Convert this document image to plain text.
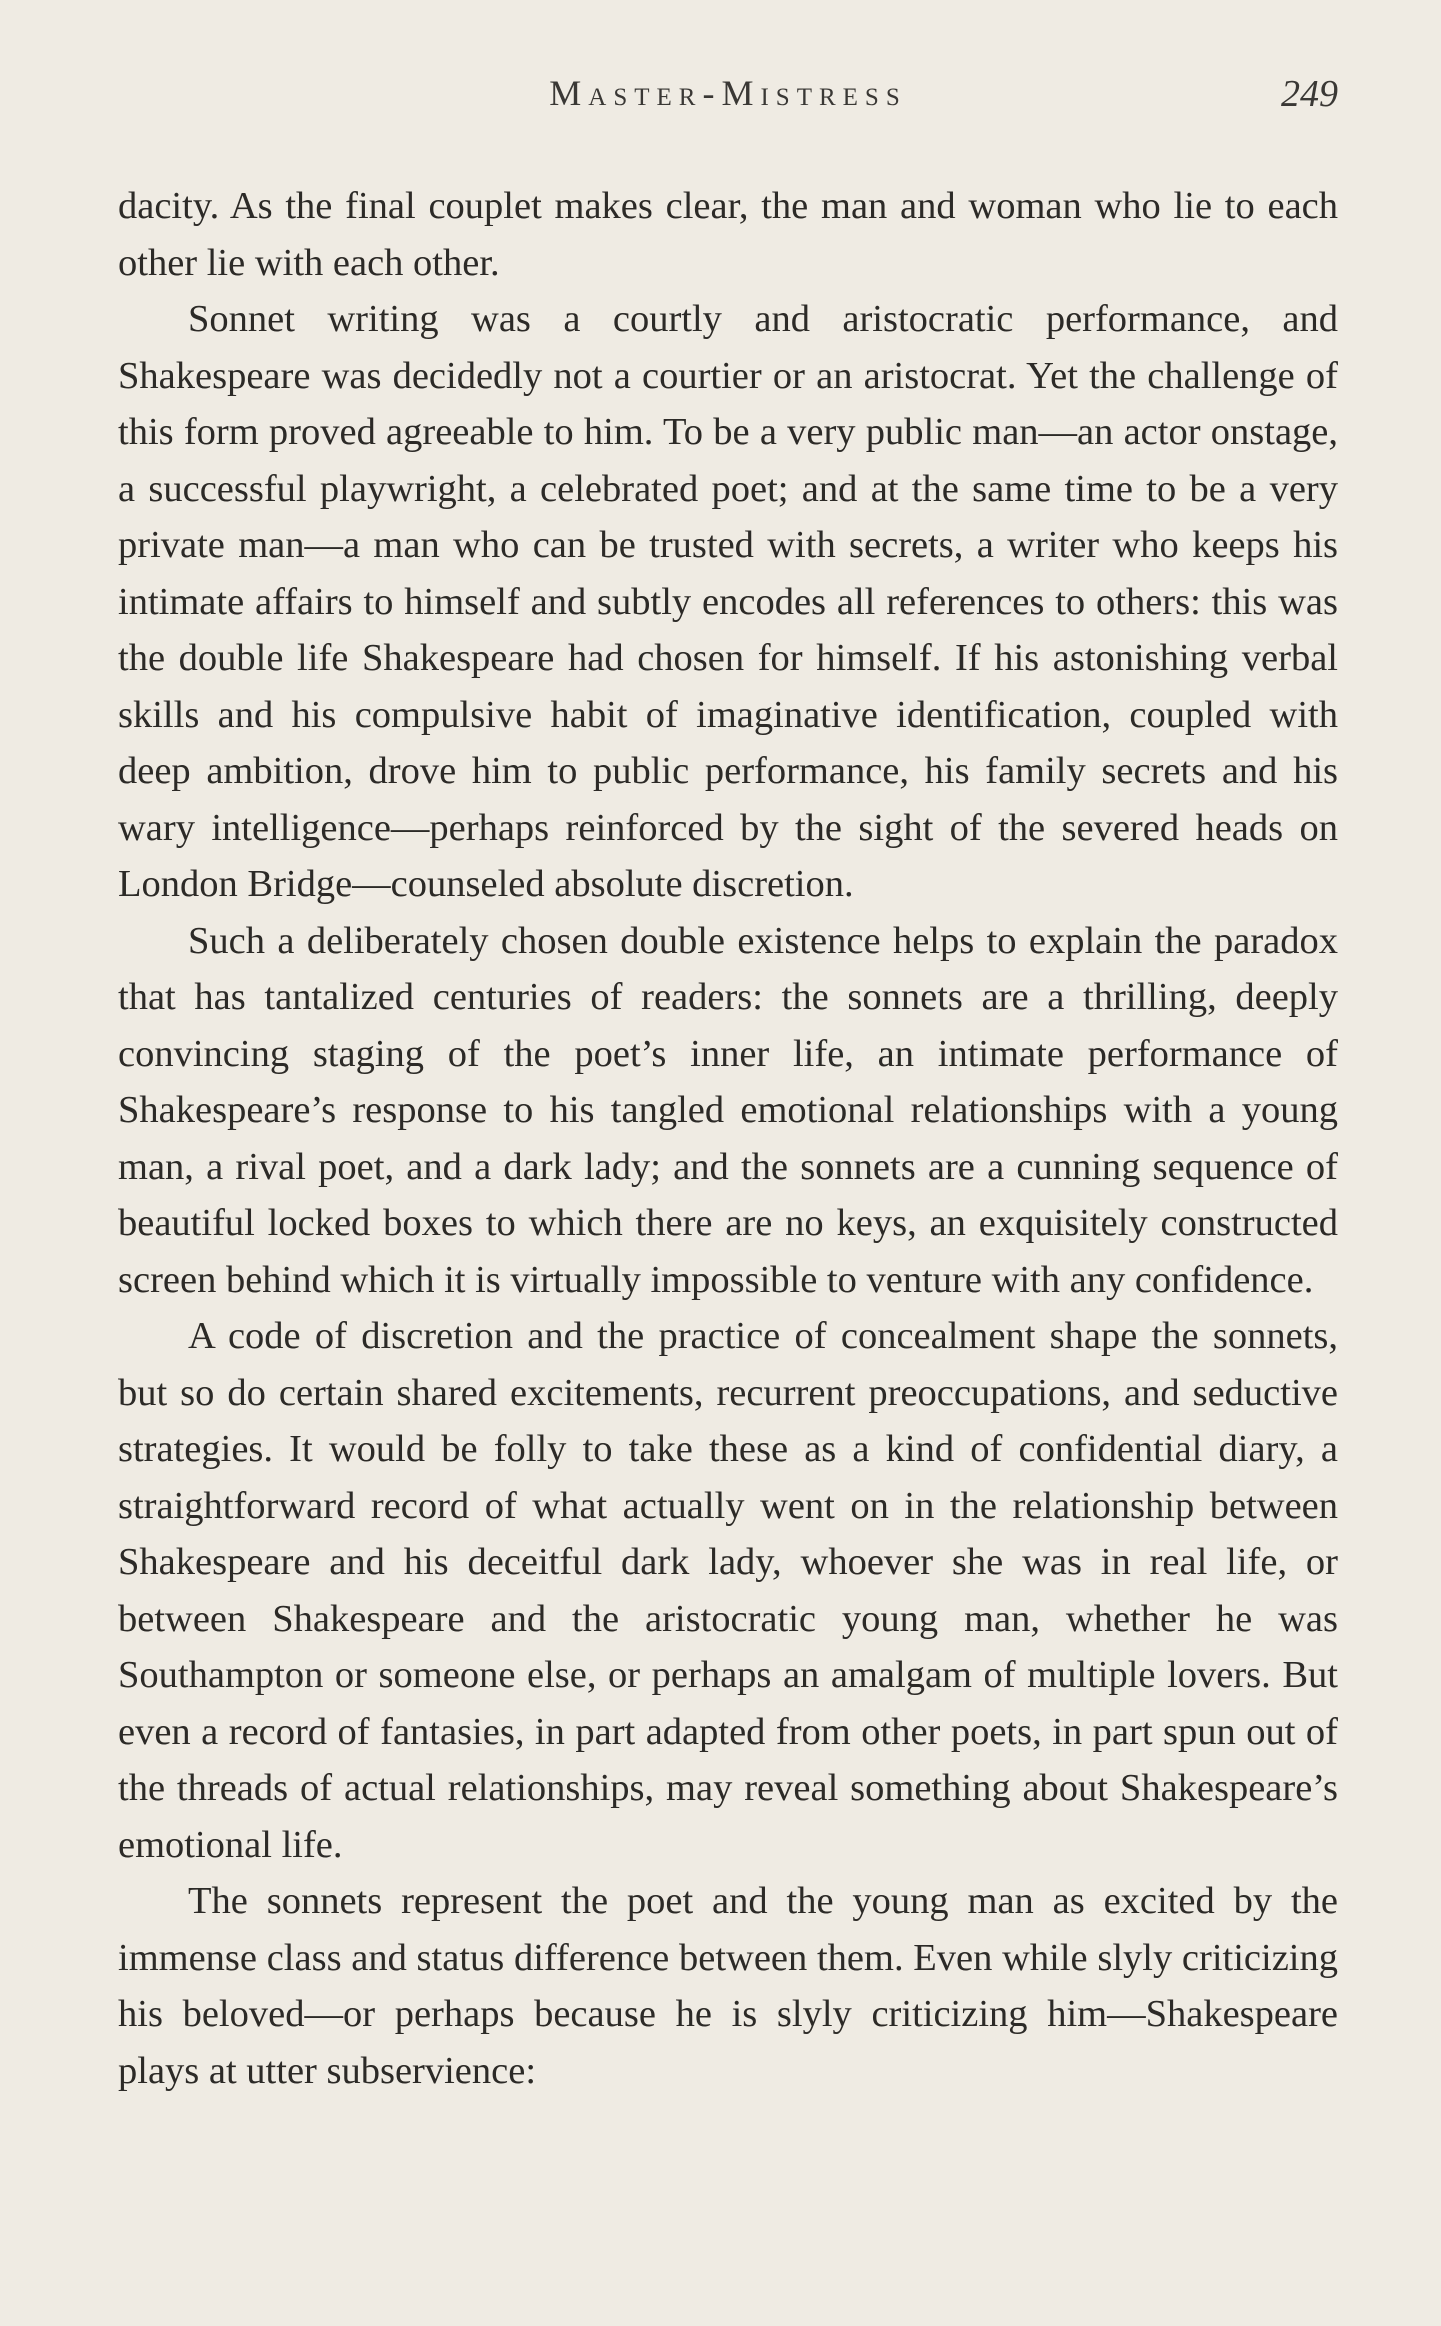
Master-Mistress	249

dacity. As the final couplet makes clear, the man and woman who lie to each other lie with each other.

Sonnet writing was a courtly and aristocratic performance, and Shakespeare was decidedly not a courtier or an aristocrat. Yet the challenge of this form proved agreeable to him. To be a very public man—an actor onstage, a successful playwright, a celebrated poet; and at the same time to be a very private man—a man who can be trusted with secrets, a writer who keeps his intimate affairs to himself and subtly encodes all references to others: this was the double life Shakespeare had chosen for himself. If his astonishing verbal skills and his compulsive habit of imaginative identification, coupled with deep ambition, drove him to public performance, his family secrets and his wary intelligence—perhaps reinforced by the sight of the severed heads on London Bridge—counseled absolute discretion.

Such a deliberately chosen double existence helps to explain the paradox that has tantalized centuries of readers: the sonnets are a thrilling, deeply convincing staging of the poet’s inner life, an intimate performance of Shakespeare’s response to his tangled emotional relationships with a young man, a rival poet, and a dark lady; and the sonnets are a cunning sequence of beautiful locked boxes to which there are no keys, an exquisitely constructed screen behind which it is virtually impossible to venture with any confidence.

A code of discretion and the practice of concealment shape the sonnets, but so do certain shared excitements, recurrent preoccupations, and seductive strategies. It would be folly to take these as a kind of confidential diary, a straightforward record of what actually went on in the relationship between Shakespeare and his deceitful dark lady, whoever she was in real life, or between Shakespeare and the aristocratic young man, whether he was Southampton or someone else, or perhaps an amalgam of multiple lovers. But even a record of fantasies, in part adapted from other poets, in part spun out of the threads of actual relationships, may reveal something about Shakespeare’s emotional life.

The sonnets represent the poet and the young man as excited by the immense class and status difference between them. Even while slyly criticizing his beloved—or perhaps because he is slyly criticizing him—Shakespeare plays at utter subservience:
